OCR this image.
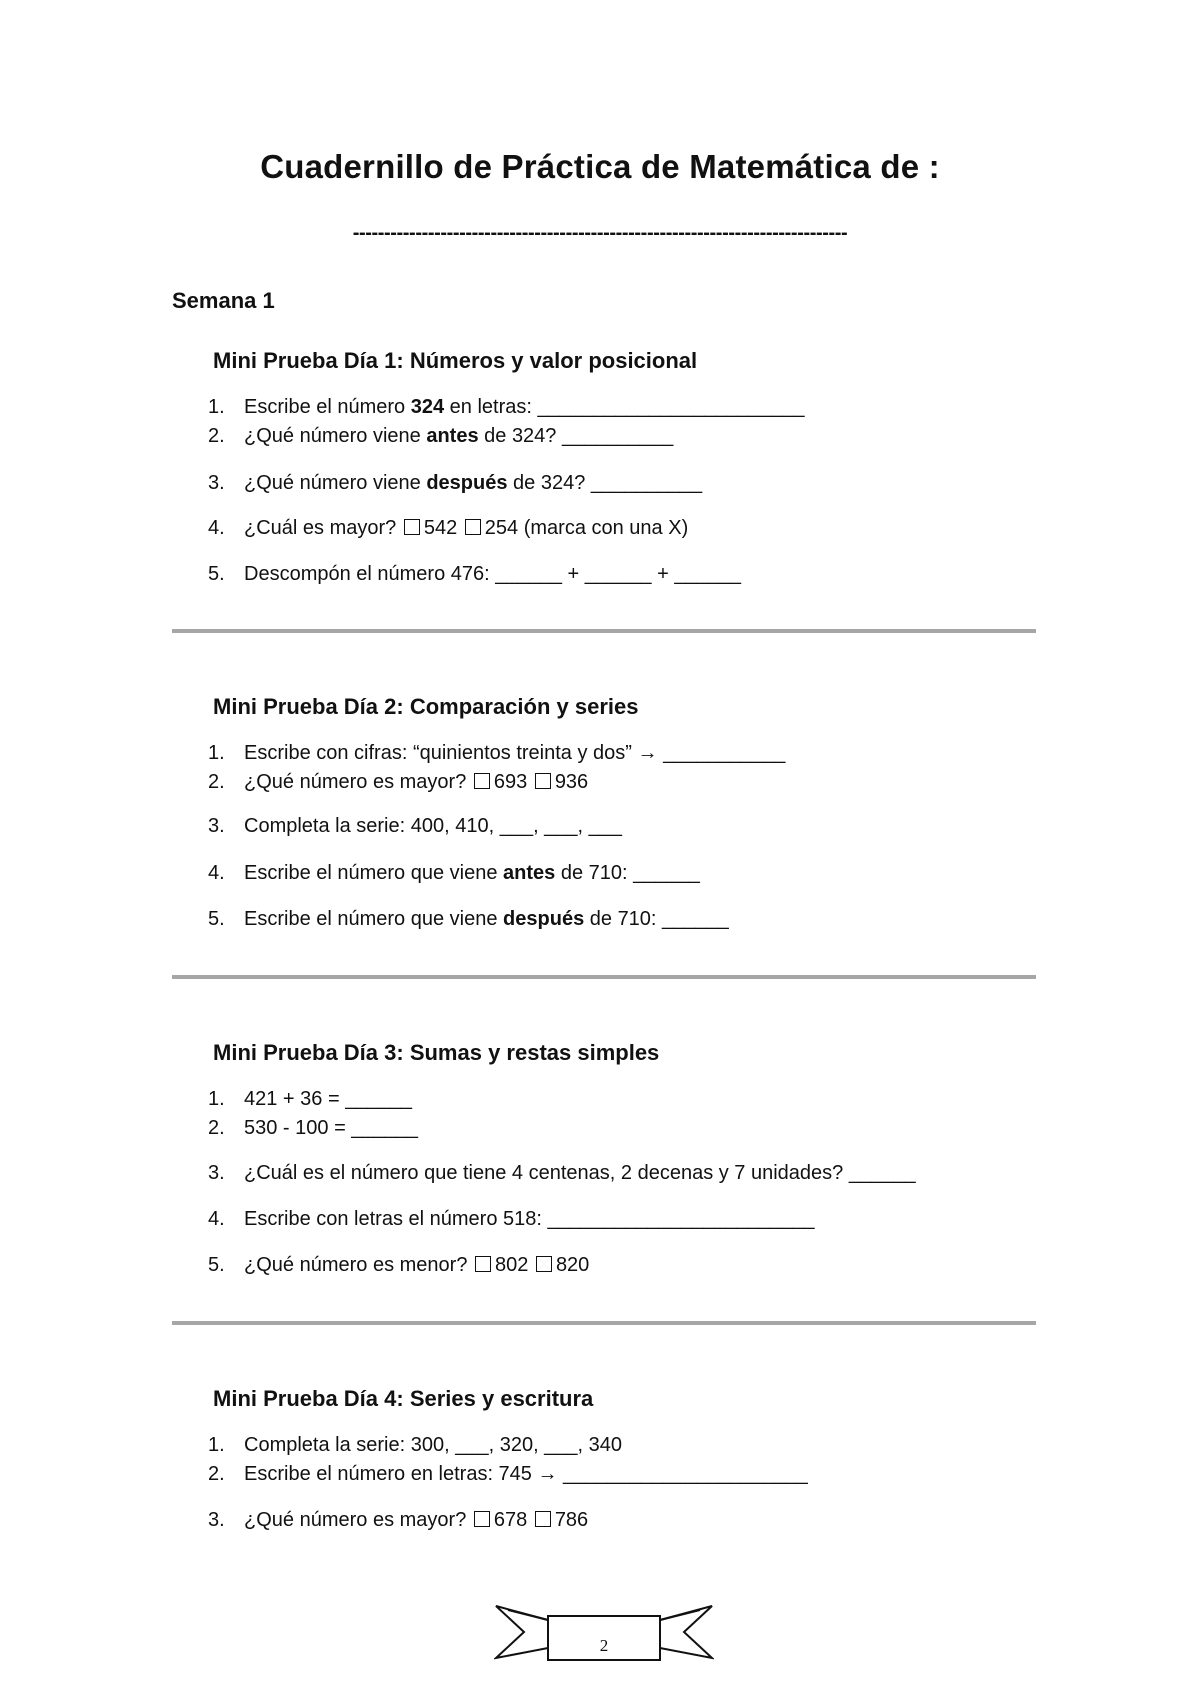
Cuadernillo de Práctica de Matemática de :
-------------------------------------------------------------------------------
Semana 1
Mini Prueba Día 1: Números y valor posicional
1. Escribe el número 324 en letras: ________________________
2. ¿Qué número viene antes de 324? __________
3. ¿Qué número viene después de 324? __________
4. ¿Cuál es mayor? 542 254 (marca con una X)
5. Descompón el número 476: ______ + ______ + ______
Mini Prueba Día 2: Comparación y series
1. Escribe con cifras: “quinientos treinta y dos” → ___________
2. ¿Qué número es mayor? 693 936
3. Completa la serie: 400, 410, ___, ___, ___
4. Escribe el número que viene antes de 710: ______
5. Escribe el número que viene después de 710: ______
Mini Prueba Día 3: Sumas y restas simples
1. 421 + 36 = ______
2. 530 - 100 = ______
3. ¿Cuál es el número que tiene 4 centenas, 2 decenas y 7 unidades? ______
4. Escribe con letras el número 518: ________________________
5. ¿Qué número es menor? 802 820
Mini Prueba Día 4: Series y escritura
1. Completa la serie: 300, ___, 320, ___, 340
2. Escribe el número en letras: 745 → ______________________
3. ¿Qué número es mayor? 678 786
2
